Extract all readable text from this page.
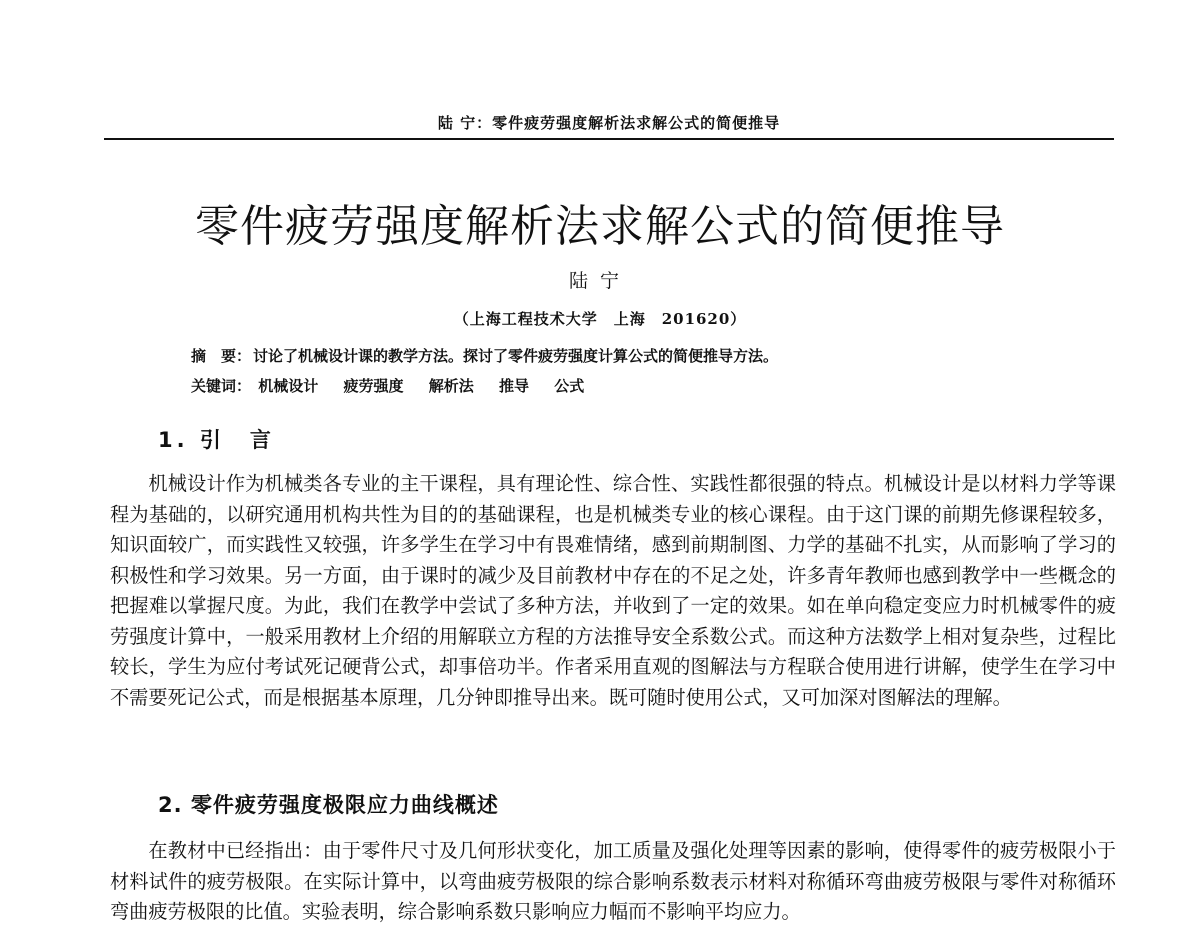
陆 宁：零件疲劳强度解析法求解公式的简便推导
零件疲劳强度解析法求解公式的简便推导
陆宁
（上海工程技术大学　上海　201620）
摘　要： 讨论了机械设计课的教学方法。探讨了零件疲劳强度计算公式的简便推导方法。
关键词： 机械设计 疲劳强度 解析法 推导 公式
1. 引　言

机械设计作为机械类各专业的主干课程，具有理论性、综合性、实践性都很强的特点。机械设计是以材料力学等课程为基础的，以研究通用机构共性为目的的基础课程，也是机械类专业的核心课程。由于这门课的前期先修课程较多，知识面较广，而实践性又较强，许多学生在学习中有畏难情绪，感到前期制图、力学的基础不扎实，从而影响了学习的积极性和学习效果。另一方面，由于课时的减少及目前教材中存在的不足之处，许多青年教师也感到教学中一些概念的把握难以掌握尺度。为此，我们在教学中尝试了多种方法，并收到了一定的效果。如在单向稳定变应力时机械零件的疲劳强度计算中，一般采用教材上介绍的用解联立方程的方法推导安全系数公式。而这种方法数学上相对复杂些，过程比较长，学生为应付考试死记硬背公式，却事倍功半。作者采用直观的图解法与方程联合使用进行讲解，使学生在学习中不需要死记公式，而是根据基本原理，几分钟即推导出来。既可随时使用公式，又可加深对图解法的理解。

2. 零件疲劳强度极限应力曲线概述

在教材中已经指出：由于零件尺寸及几何形状变化，加工质量及强化处理等因素的影响，使得零件的疲劳极限小于材料试件的疲劳极限。在实际计算中，以弯曲疲劳极限的综合影响系数表示材料对称循环弯曲疲劳极限与零件对称循环弯曲疲劳极限的比值。实验表明，综合影响系数只影响应力幅而不影响平均应力。
